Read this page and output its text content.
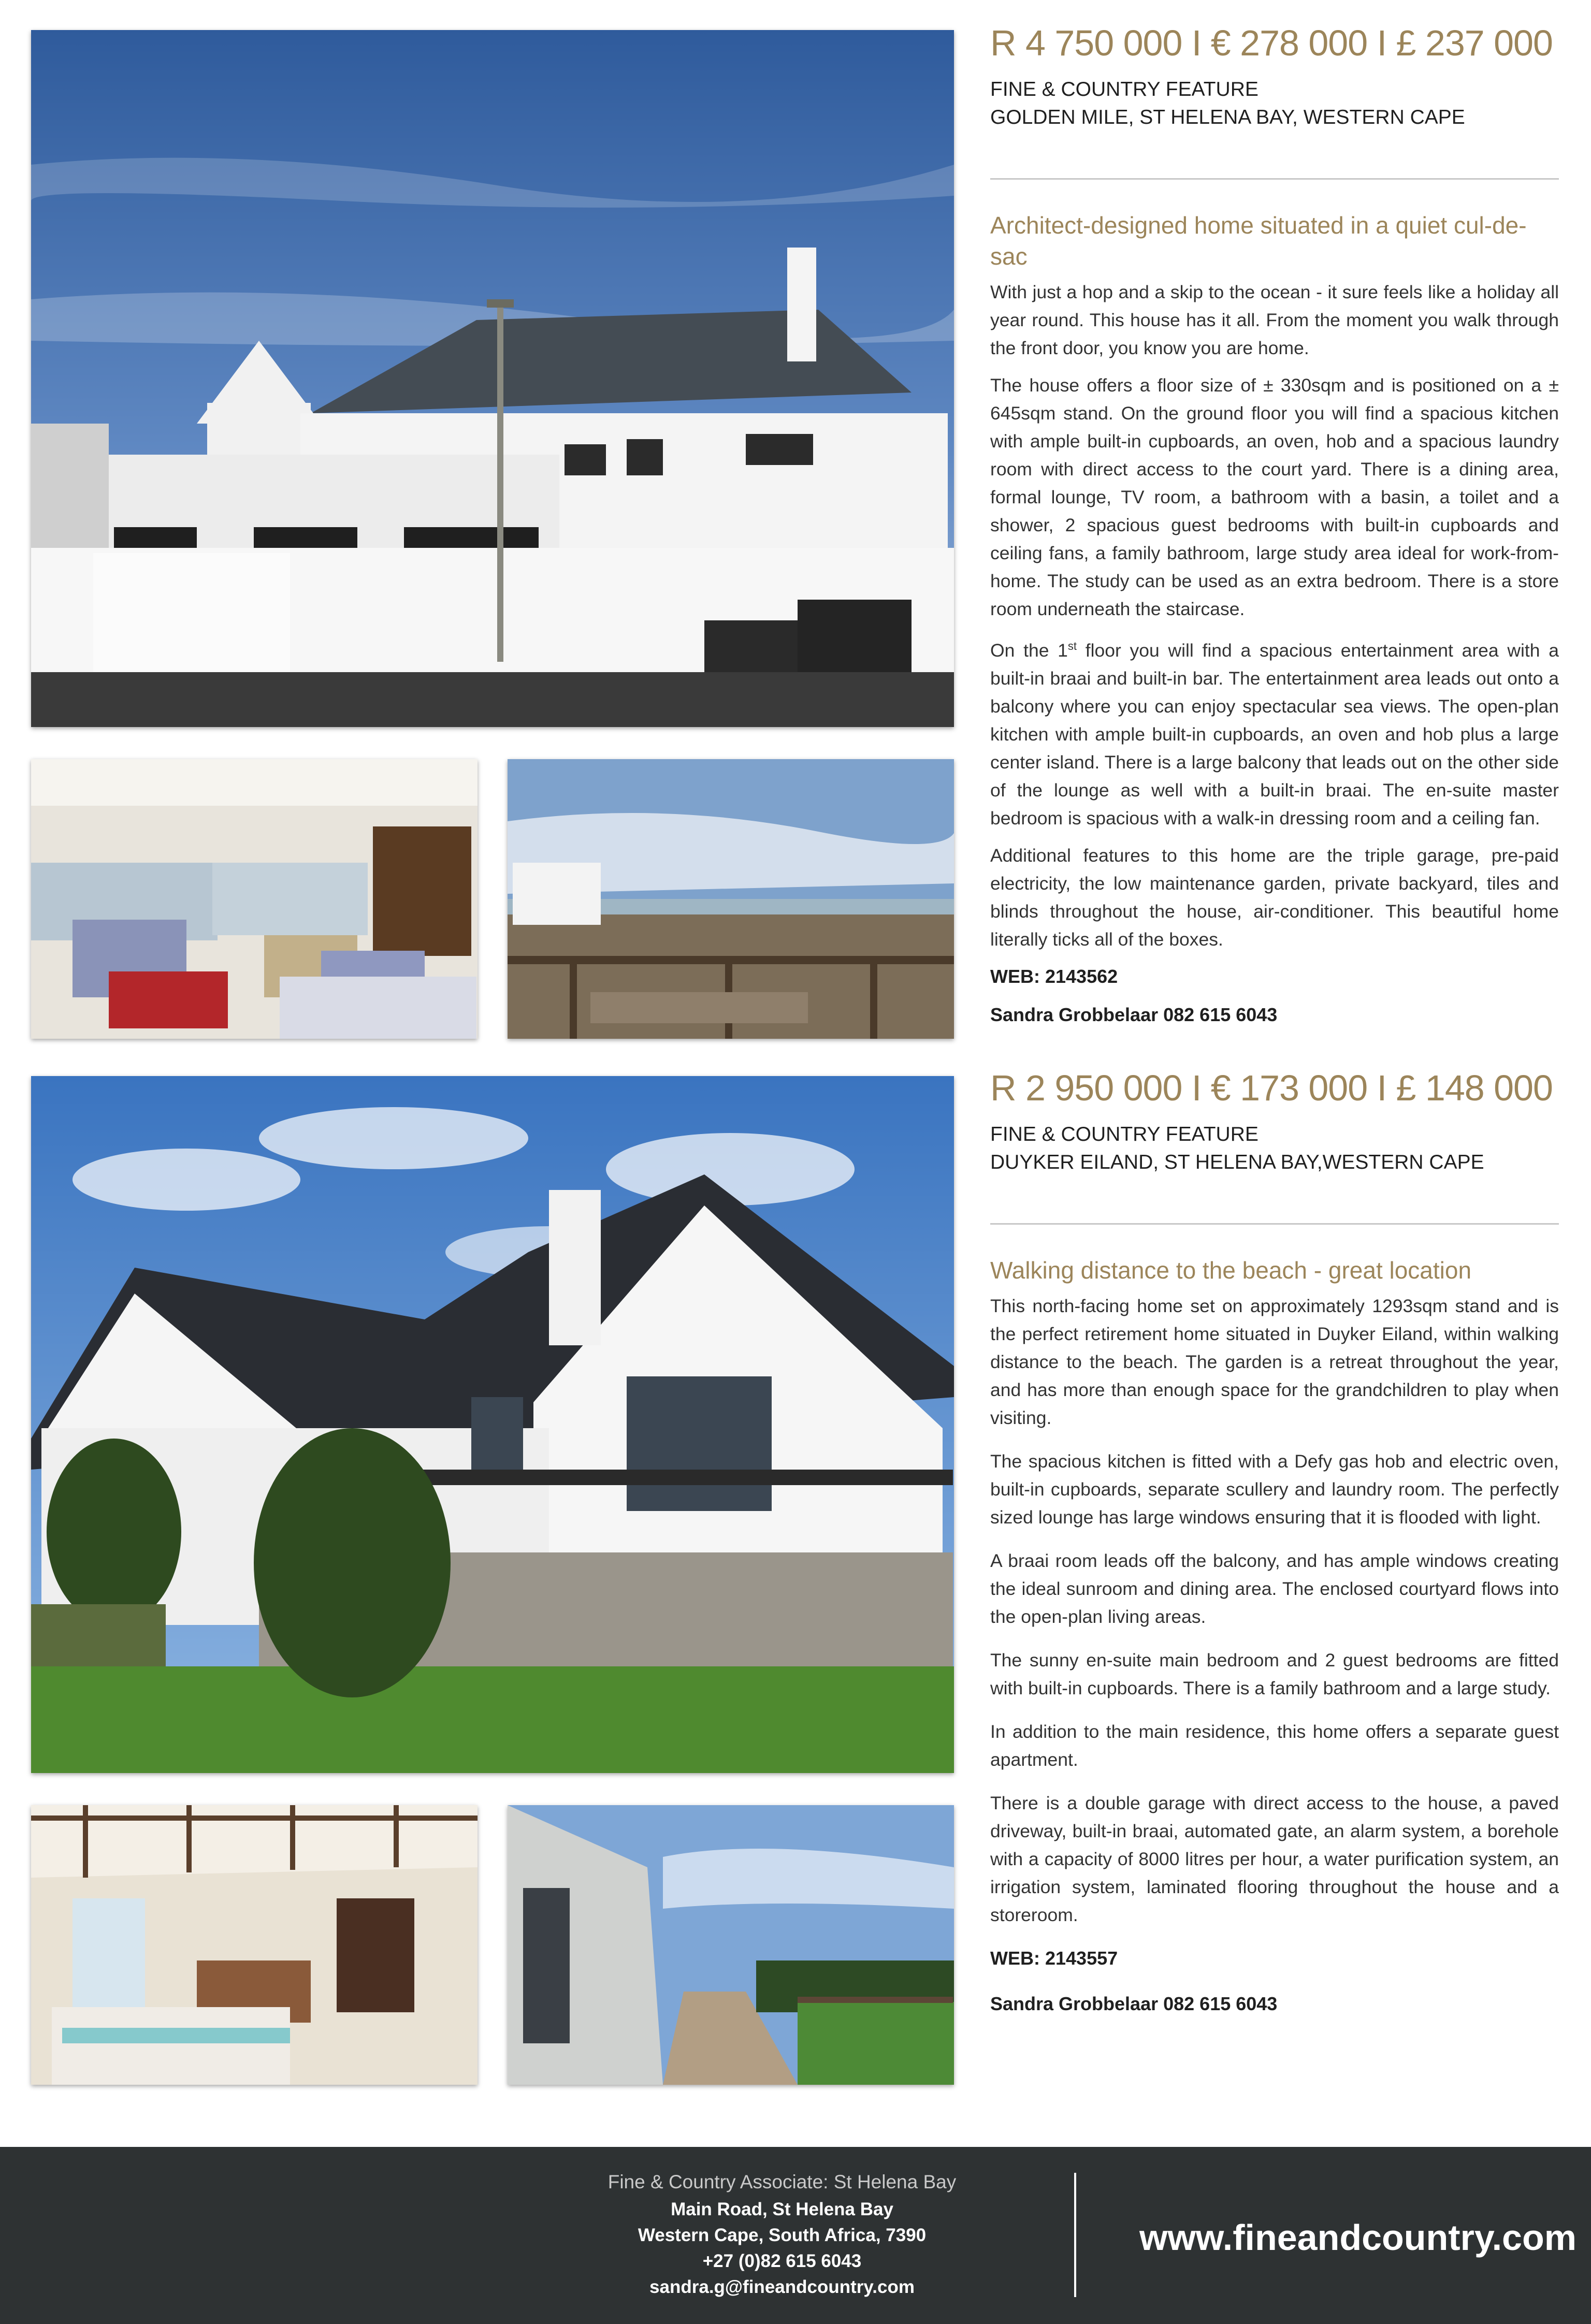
R 4 750 000 I € 278 000 I £ 237 000
FINE & COUNTRY FEATURE
GOLDEN MILE, ST HELENA BAY, WESTERN CAPE
Architect-designed home situated in a quiet cul-de-sac

With just a hop and a skip to the ocean - it sure feels like a holiday all year round. This house has it all. From the moment you walk through the front door, you know you are home.

The house offers a floor size of ± 330sqm and is positioned on a ± 645sqm stand. On the ground floor you will find a spacious kitchen with ample built-in cupboards, an oven, hob and a spacious laundry room with direct access to the court yard. There is a dining area, formal lounge, TV room, a bathroom with a basin, a toilet and a shower, 2 spacious guest bedrooms with built-in cupboards and ceiling fans, a family bathroom, large study area ideal for work-from-home. The study can be used as an extra bedroom. There is a store room underneath the staircase.

On the 1st floor you will find a spacious entertainment area with a built-in braai and built-in bar. The entertainment area leads out onto a balcony where you can enjoy spectacular sea views. The open-plan kitchen with ample built-in cupboards, an oven and hob plus a large center island. There is a large balcony that leads out on the other side of the lounge as well with a built-in braai. The en-suite master bedroom is spacious with a walk-in dressing room and a ceiling fan.

Additional features to this home are the triple garage, pre-paid electricity, the low maintenance garden, private backyard, tiles and blinds throughout the house, air-conditioner. This beautiful home literally ticks all of the boxes.

WEB: 2143562
Sandra Grobbelaar 082 615 6043
R 2 950 000 I € 173 000 I £ 148 000
FINE & COUNTRY FEATURE
DUYKER EILAND, ST HELENA BAY,WESTERN CAPE
Walking distance to the beach - great location

This north-facing home set on approximately 1293sqm stand and is the perfect retirement home situated in Duyker Eiland, within walking distance to the beach. The garden is a retreat throughout the year, and has more than enough space for the grandchildren to play when visiting.

The spacious kitchen is fitted with a Defy gas hob and electric oven, built-in cupboards, separate scullery and laundry room. The perfectly sized lounge has large windows ensuring that it is flooded with light.

A braai room leads off the balcony, and has ample windows creating the ideal sunroom and dining area. The enclosed courtyard flows into the open-plan living areas.

The sunny en-suite main bedroom and 2 guest bedrooms are fitted with built-in cupboards. There is a family bathroom and a large study.

In addition to the main residence, this home offers a separate guest apartment.

There is a double garage with direct access to the house, a paved driveway, built-in braai, automated gate, an alarm system, a borehole with a capacity of 8000 litres per hour, a water purification system, an irrigation system, laminated flooring throughout the house and a storeroom.

WEB: 2143557
Sandra Grobbelaar 082 615 6043
Fine & Country Associate: St Helena Bay
Main Road, St Helena Bay
Western Cape, South Africa, 7390
+27 (0)82 615 6043
sandra.g@fineandcountry.com
www.fineandcountry.com
